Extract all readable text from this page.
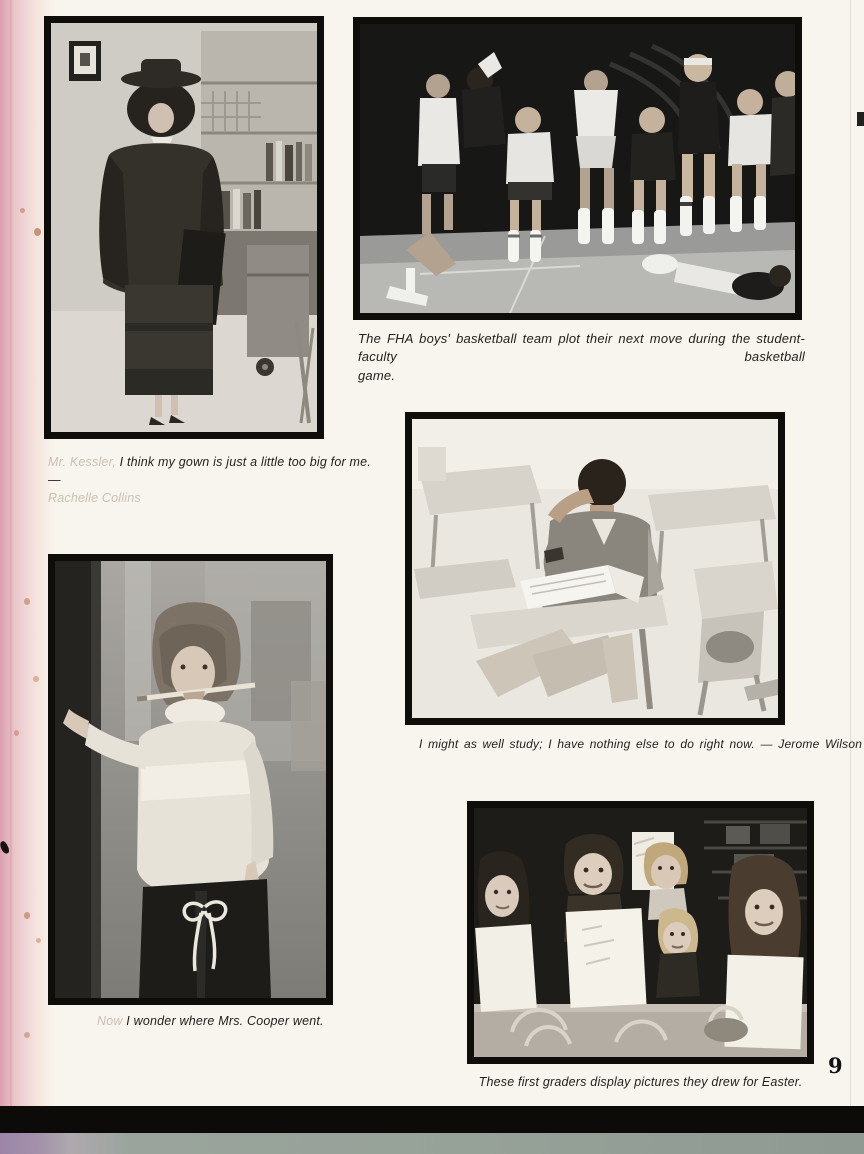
Mr. Kessler, I think my gown is just a little too big for me. —
Rachelle Collins
The FHA boys' basketball team plot their next move during the student-faculty basketball
game.
I might as well study; I have nothing else to do right now. — Jerome Wilson
Now I wonder where Mrs. Cooper went.
These first graders display pictures they drew for Easter.
9
